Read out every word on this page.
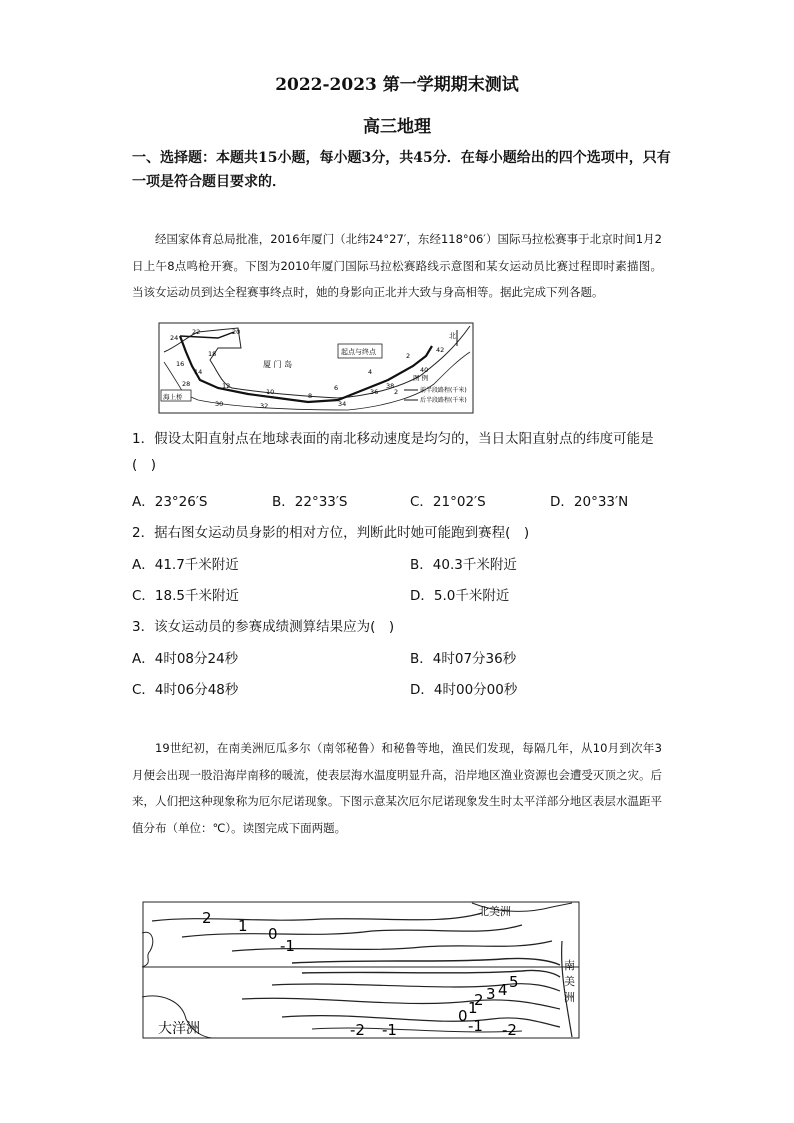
2022-2023 第一学期期末测试
高三地理
一、选择题：本题共15小题，每小题3分，共45分．在每小题给出的四个选项中，只有一项是符合题目要求的．
经国家体育总局批准，2016年厦门（北纬24°27′，东经118°06′）国际马拉松赛事于北京时间1月2日上午8点鸣枪开赛。下图为2010年厦门国际马拉松赛路线示意图和某女运动员比赛过程即时素描图。当该女运动员到达全程赛事终点时，她的身影向正北并大致与身高相等。据此完成下列各题。
厦 门 岛
起点与终点
北
图 例
前半段路程(千米)
后半段路程(千米)
海上桥
22	20
24
18
16
14
28	12
30
10
32
8
6
4
2
40
42
36
38
34
2
1．假设太阳直射点在地球表面的南北移动速度是均匀的，当日太阳直射点的纬度可能是(　)
A．23°26′S	B．22°33′S	C．21°02′S	D．20°33′N
2．据右图女运动员身影的相对方位，判断此时她可能跑到赛程(　)
A．41.7千米附近	B．40.3千米附近
C．18.5千米附近	D．5.0千米附近
3．该女运动员的参赛成绩测算结果应为(　)
A．4时08分24秒	B．4时07分36秒
C．4时06分48秒	D．4时00分00秒
19世纪初，在南美洲厄瓜多尔（南邻秘鲁）和秘鲁等地，渔民们发现，每隔几年，从10月到次年3月便会出现一股沿海岸南移的暖流，使表层海水温度明显升高，沿岸地区渔业资源也会遭受灭顶之灾。后来，人们把这种现象称为厄尔尼诺现象。下图示意某次厄尔尼诺现象发生时太平洋部分地区表层水温距平值分布（单位：℃）。读图完成下面两题。
北美洲
南
美
洲
大洋洲
2 1 0
-1
5
4
3
2
1
0
-1
-1
-2	-2
